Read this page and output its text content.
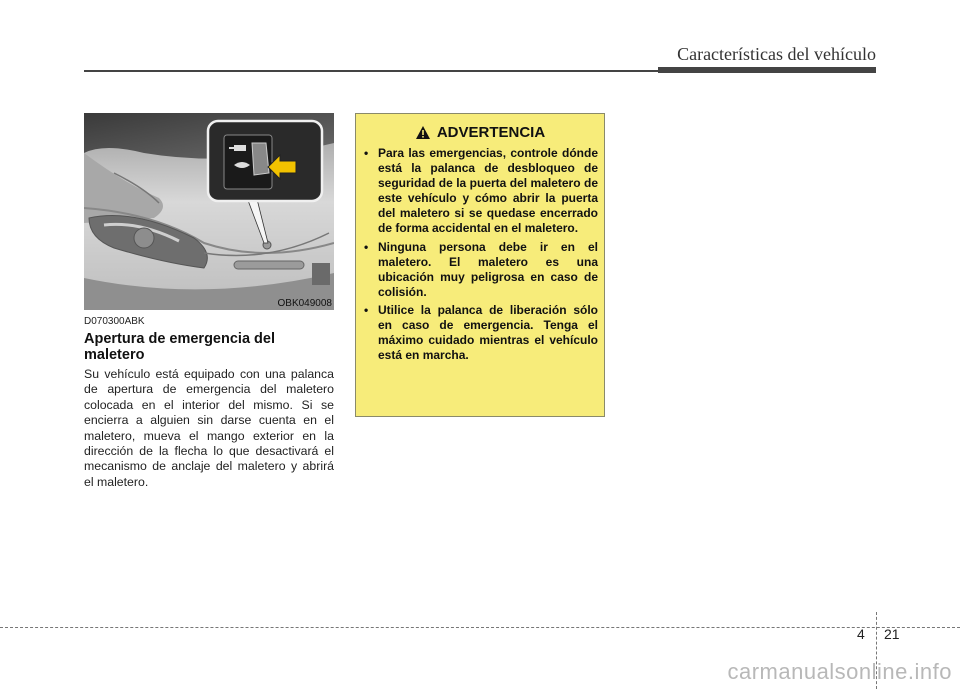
Características del vehículo
OBK049008
D070300ABK
Apertura de emergencia del maletero
Su vehículo está equipado con una palanca de apertura de emergencia del maletero colocada en el interior del mismo. Si se encierra a alguien sin darse cuenta en el maletero, mueva el mango exterior en la dirección de la flecha lo que desactivará el mecanismo de anclaje del maletero y abrirá el maletero.
ADVERTENCIA
• Para las emergencias, controle dónde está la palanca de desbloqueo de seguridad de la puerta del maletero de este vehículo y cómo abrir la puerta del maletero si se quedase encerrado de forma accidental en el maletero.
• Ninguna persona debe ir en el maletero. El maletero es una ubicación muy peligrosa en caso de colisión.
• Utilice la palanca de liberación sólo en caso de emergencia. Tenga el máximo cuidado mientras el vehículo está en marcha.
4 21
carmanualsonline.info
